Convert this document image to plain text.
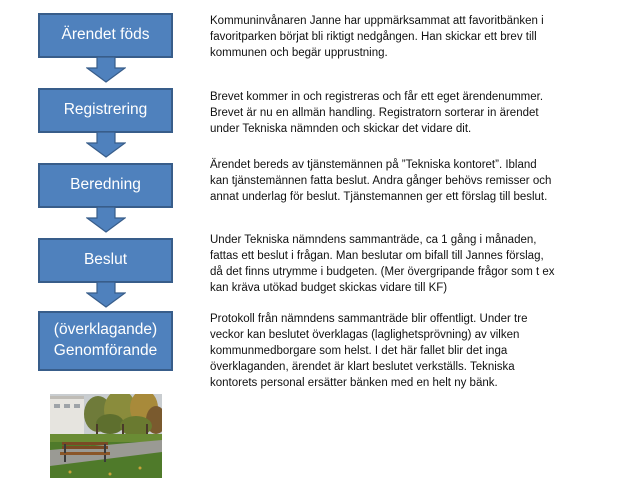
Ärendet föds
Registrering
Beredning
Beslut
(överklagande)
Genomförande

Kommuninvånaren Janne har uppmärksammat att favoritbänken i favoritparken börjat bli riktigt nedgången. Han skickar ett brev till kommunen och begär upprustning.

Brevet kommer in och registreras och får ett eget ärendenummer. Brevet är nu en allmän handling. Registratorn sorterar in ärendet under Tekniska nämnden och skickar det vidare dit.

Ärendet bereds av tjänstemännen på ”Tekniska kontoret”. Ibland kan tjänstemännen fatta beslut. Andra gånger behövs remisser och annat underlag för beslut. Tjänstemannen ger ett förslag till beslut.

Under Tekniska nämndens sammanträde, ca 1 gång i månaden, fattas ett beslut i frågan. Man beslutar om bifall till Jannes förslag, då det finns utrymme i budgeten. (Mer övergripande frågor som t ex kan kräva utökad budget skickas vidare till KF)

Protokoll från nämndens sammanträde blir offentligt. Under tre veckor kan beslutet överklagas (laglighetsprövning) av vilken kommunmedborgare som helst. I det här fallet blir det inga överklaganden, ärendet är klart beslutet verkställs. Tekniska kontorets personal ersätter bänken med en helt ny bänk.
